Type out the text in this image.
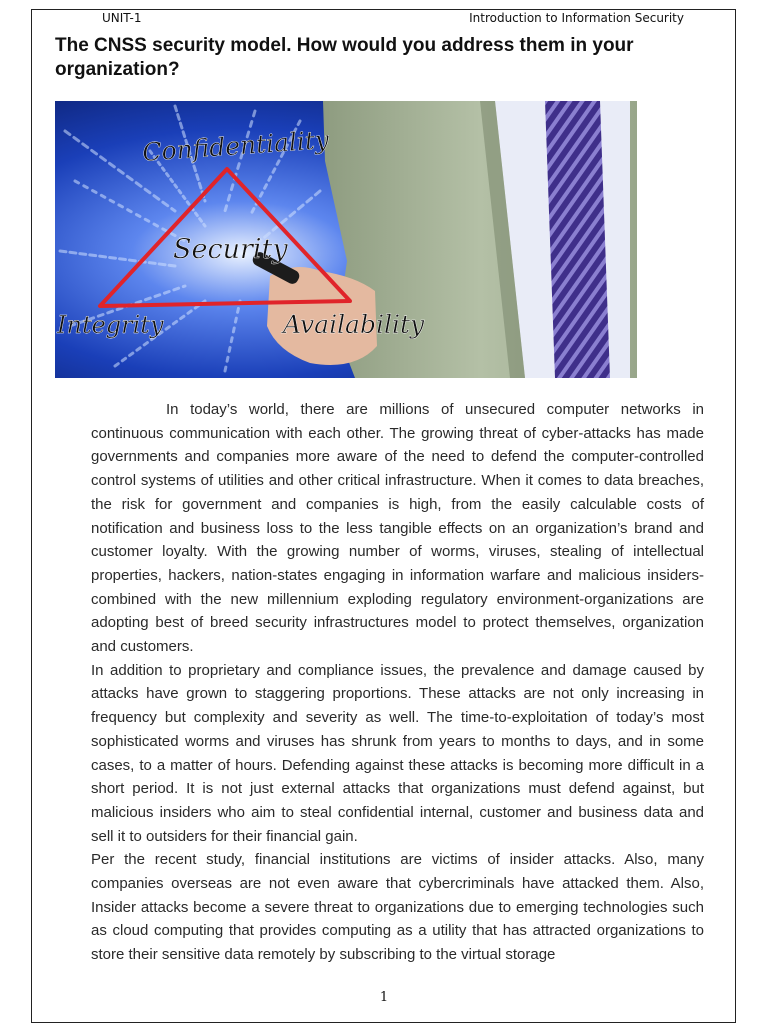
UNIT-1	Introduction to Information Security
The CNSS security model. How would you address them in your organization?
Confidentiality
Security
Integrity	Availability

In today’s world, there are millions of unsecured computer networks in continuous communication with each other. The growing threat of cyber-attacks has made governments and companies more aware of the need to defend the computer-controlled control systems of utilities and other critical infrastructure. When it comes to data breaches, the risk for government and companies is high, from the easily calculable costs of notification and business loss to the less tangible effects on an organization’s brand and customer loyalty. With the growing number of worms, viruses, stealing of intellectual properties, hackers, nation-states engaging in information warfare and malicious insiders-combined with the new millennium exploding regulatory environment-organizations are adopting best of breed security infrastructures model to protect themselves, organization and customers.

In addition to proprietary and compliance issues, the prevalence and damage caused by attacks have grown to staggering proportions. These attacks are not only increasing in frequency but complexity and severity as well. The time-to-exploitation of today’s most sophisticated worms and viruses has shrunk from years to months to days, and in some cases, to a matter of hours. Defending against these attacks is becoming more difficult in a short period. It is not just external attacks that organizations must defend against, but malicious insiders who aim to steal confidential internal, customer and business data and sell it to outsiders for their financial gain.

Per the recent study, financial institutions are victims of insider attacks. Also, many companies overseas are not even aware that cybercriminals have attacked them. Also, Insider attacks become a severe threat to organizations due to emerging technologies such as cloud computing that provides computing as a utility that has attracted organizations to store their sensitive data remotely by subscribing to the virtual storage

1
